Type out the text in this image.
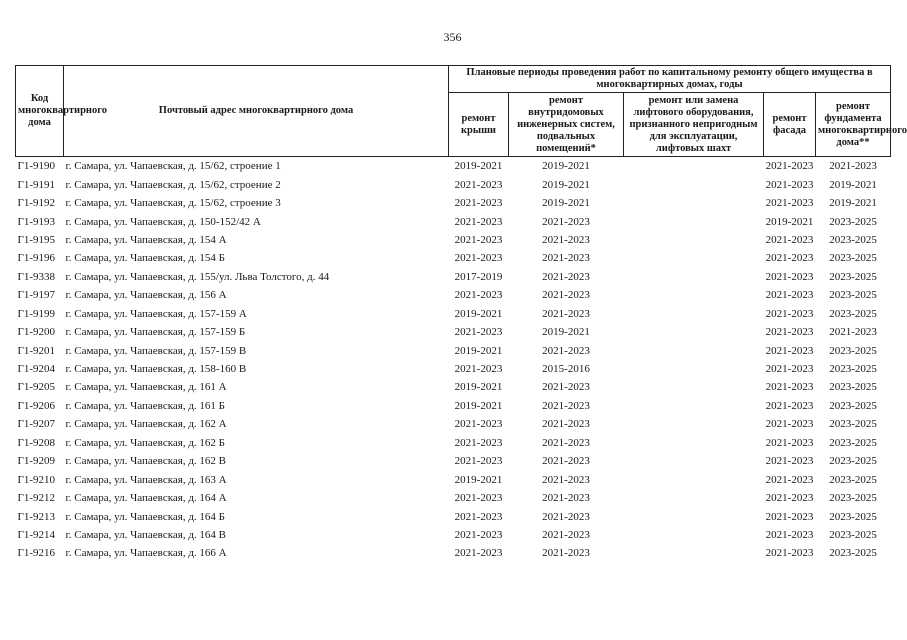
356
Код многоквартирного дома	Почтовый адрес многоквартирного дома	Плановые периоды проведения работ по капитальному ремонту общего имущества в многоквартирных домах, годы				
		ремонт крыши	ремонт внутридомовых инженерных систем, подвальных помещений*	ремонт или замена лифтового оборудования, признанного непригодным для эксплуатации, лифтовых шахт	ремонт фасада	ремонт фундамента многоквартирного дома**
Г1-9190	г. Самара, ул. Чапаевская, д. 15/62, строение 1	2019-2021	2019-2021		2021-2023	2021-2023
Г1-9191	г. Самара, ул. Чапаевская, д. 15/62, строение 2	2021-2023	2019-2021		2021-2023	2019-2021
Г1-9192	г. Самара, ул. Чапаевская, д. 15/62, строение 3	2021-2023	2019-2021		2021-2023	2019-2021
Г1-9193	г. Самара, ул. Чапаевская, д. 150-152/42 А	2021-2023	2021-2023		2019-2021	2023-2025
Г1-9195	г. Самара, ул. Чапаевская, д. 154 А	2021-2023	2021-2023		2021-2023	2023-2025
Г1-9196	г. Самара, ул. Чапаевская, д. 154 Б	2021-2023	2021-2023		2021-2023	2023-2025
Г1-9338	г. Самара, ул. Чапаевская, д. 155/ул. Льва Толстого, д. 44	2017-2019	2021-2023		2021-2023	2023-2025
Г1-9197	г. Самара, ул. Чапаевская, д. 156 А	2021-2023	2021-2023		2021-2023	2023-2025
Г1-9199	г. Самара, ул. Чапаевская, д. 157-159 А	2019-2021	2021-2023		2021-2023	2023-2025
Г1-9200	г. Самара, ул. Чапаевская, д. 157-159 Б	2021-2023	2019-2021		2021-2023	2021-2023
Г1-9201	г. Самара, ул. Чапаевская, д. 157-159 В	2019-2021	2021-2023		2021-2023	2023-2025
Г1-9204	г. Самара, ул. Чапаевская, д. 158-160 В	2021-2023	2015-2016		2021-2023	2023-2025
Г1-9205	г. Самара, ул. Чапаевская, д. 161 А	2019-2021	2021-2023		2021-2023	2023-2025
Г1-9206	г. Самара, ул. Чапаевская, д. 161 Б	2019-2021	2021-2023		2021-2023	2023-2025
Г1-9207	г. Самара, ул. Чапаевская, д. 162 А	2021-2023	2021-2023		2021-2023	2023-2025
Г1-9208	г. Самара, ул. Чапаевская, д. 162 Б	2021-2023	2021-2023		2021-2023	2023-2025
Г1-9209	г. Самара, ул. Чапаевская, д. 162 В	2021-2023	2021-2023		2021-2023	2023-2025
Г1-9210	г. Самара, ул. Чапаевская, д. 163 А	2019-2021	2021-2023		2021-2023	2023-2025
Г1-9212	г. Самара, ул. Чапаевская, д. 164 А	2021-2023	2021-2023		2021-2023	2023-2025
Г1-9213	г. Самара, ул. Чапаевская, д. 164 Б	2021-2023	2021-2023		2021-2023	2023-2025
Г1-9214	г. Самара, ул. Чапаевская, д. 164 В	2021-2023	2021-2023		2021-2023	2023-2025
Г1-9216	г. Самара, ул. Чапаевская, д. 166 А	2021-2023	2021-2023		2021-2023	2023-2025
